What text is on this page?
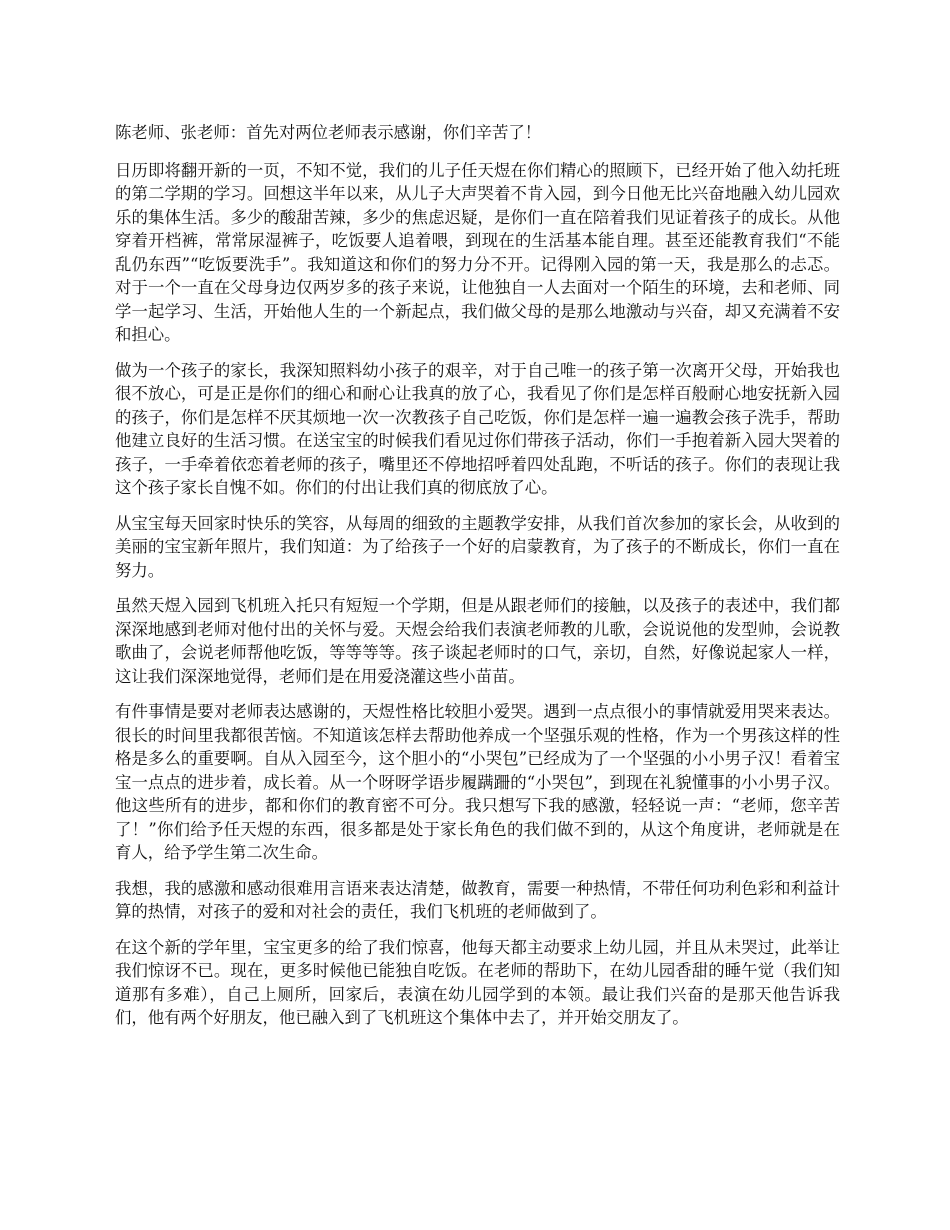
陈老师、张老师：首先对两位老师表示感谢，你们辛苦了！

日历即将翻开新的一页，不知不觉，我们的儿子任天煜在你们精心的照顾下，已经开始了他入幼托班的第二学期的学习。回想这半年以来，从儿子大声哭着不肯入园，到今日他无比兴奋地融入幼儿园欢乐的集体生活。多少的酸甜苦辣，多少的焦虑迟疑，是你们一直在陪着我们见证着孩子的成长。从他穿着开档裤，常常尿湿裤子，吃饭要人追着喂，到现在的生活基本能自理。甚至还能教育我们“不能乱仍东西”“吃饭要洗手”。我知道这和你们的努力分不开。记得刚入园的第一天，我是那么的忐忑。对于一个一直在父母身边仅两岁多的孩子来说，让他独自一人去面对一个陌生的环境，去和老师、同学一起学习、生活，开始他人生的一个新起点，我们做父母的是那么地激动与兴奋，却又充满着不安和担心。

做为一个孩子的家长，我深知照料幼小孩子的艰辛，对于自己唯一的孩子第一次离开父母，开始我也很不放心，可是正是你们的细心和耐心让我真的放了心，我看见了你们是怎样百般耐心地安抚新入园的孩子，你们是怎样不厌其烦地一次一次教孩子自己吃饭，你们是怎样一遍一遍教会孩子洗手，帮助他建立良好的生活习惯。在送宝宝的时候我们看见过你们带孩子活动，你们一手抱着新入园大哭着的孩子，一手牵着依恋着老师的孩子，嘴里还不停地招呼着四处乱跑，不听话的孩子。你们的表现让我这个孩子家长自愧不如。你们的付出让我们真的彻底放了心。

从宝宝每天回家时快乐的笑容，从每周的细致的主题教学安排，从我们首次参加的家长会，从收到的美丽的宝宝新年照片，我们知道：为了给孩子一个好的启蒙教育，为了孩子的不断成长，你们一直在努力。

虽然天煜入园到飞机班入托只有短短一个学期，但是从跟老师们的接触，以及孩子的表述中，我们都深深地感到老师对他付出的关怀与爱。天煜会给我们表演老师教的儿歌，会说说他的发型帅，会说教歌曲了，会说老师帮他吃饭，等等等等。孩子谈起老师时的口气，亲切，自然，好像说起家人一样，这让我们深深地觉得，老师们是在用爱浇灌这些小苗苗。

有件事情是要对老师表达感谢的，天煜性格比较胆小爱哭。遇到一点点很小的事情就爱用哭来表达。很长的时间里我都很苦恼。不知道该怎样去帮助他养成一个坚强乐观的性格，作为一个男孩这样的性格是多么的重要啊。自从入园至今，这个胆小的“小哭包”已经成为了一个坚强的小小男子汉！看着宝宝一点点的进步着，成长着。从一个呀呀学语步履蹒跚的“小哭包”，到现在礼貌懂事的小小男子汉。他这些所有的进步，都和你们的教育密不可分。我只想写下我的感激，轻轻说一声：“老师，您辛苦了！”你们给予任天煜的东西，很多都是处于家长角色的我们做不到的，从这个角度讲，老师就是在育人，给予学生第二次生命。

我想，我的感激和感动很难用言语来表达清楚，做教育，需要一种热情，不带任何功利色彩和利益计算的热情，对孩子的爱和对社会的责任，我们飞机班的老师做到了。

在这个新的学年里，宝宝更多的给了我们惊喜，他每天都主动要求上幼儿园，并且从未哭过，此举让我们惊讶不已。现在，更多时候他已能独自吃饭。在老师的帮助下，在幼儿园香甜的睡午觉（我们知道那有多难），自己上厕所，回家后，表演在幼儿园学到的本领。最让我们兴奋的是那天他告诉我们，他有两个好朋友，他已融入到了飞机班这个集体中去了，并开始交朋友了。
